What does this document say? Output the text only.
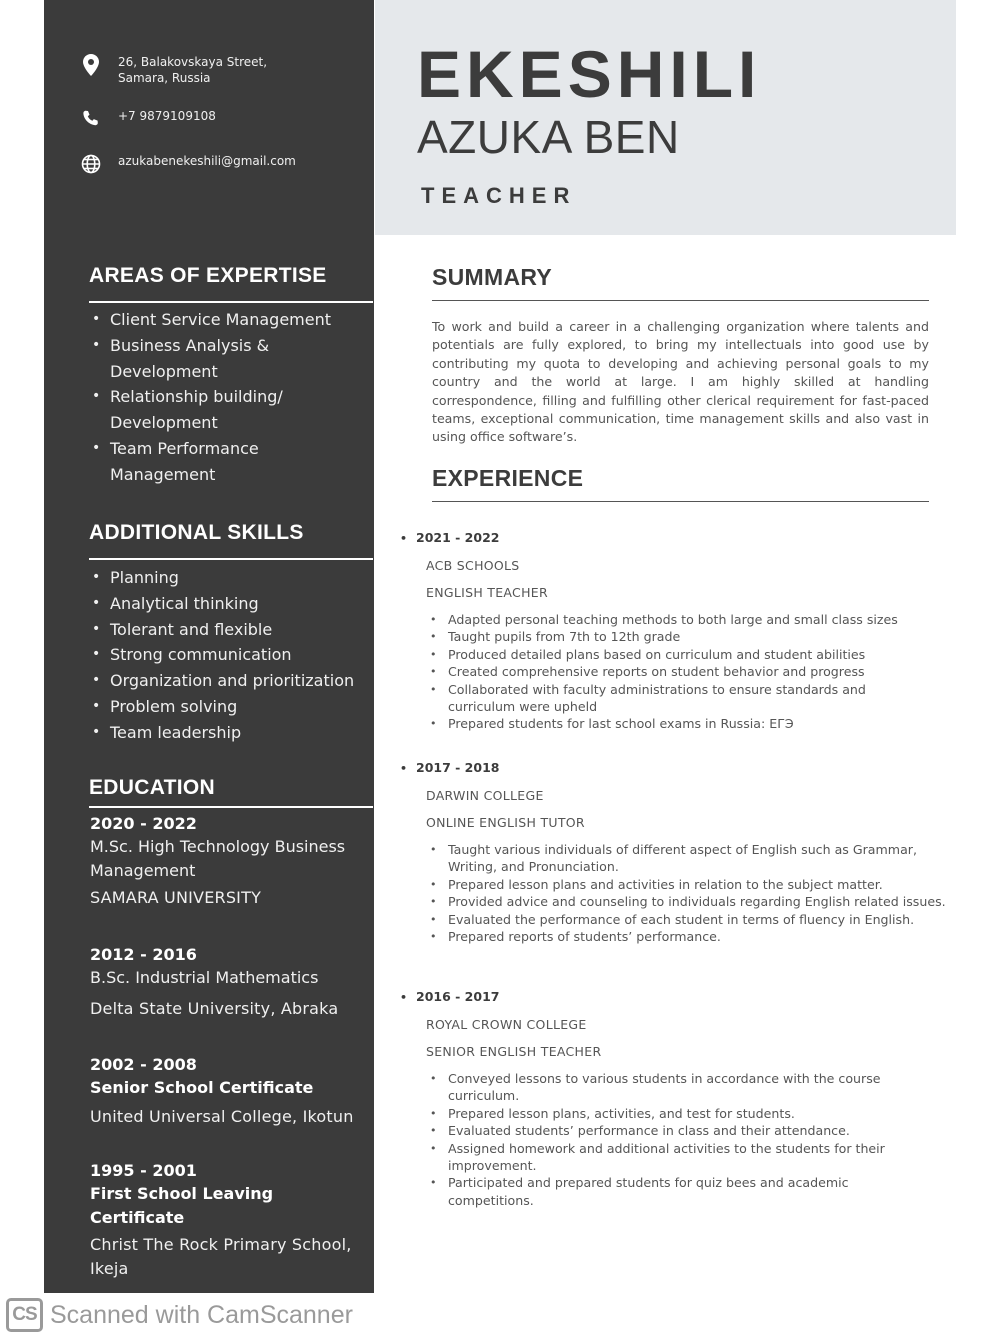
26, Balakovskaya Street,
Samara, Russia
+7 9879109108
azukabenekeshili@gmail.com
AREAS OF EXPERTISE
• Client Service Management
• Business Analysis & Development
• Relationship building/ Development
• Team Performance Management
ADDITIONAL SKILLS
• Planning
• Analytical thinking
• Tolerant and flexible
• Strong communication
• Organization and prioritization
• Problem solving
• Team leadership
EDUCATION
2020 - 2022
M.Sc. High Technology Business Management
SAMARA UNIVERSITY
2012 - 2016
B.Sc. Industrial Mathematics
Delta State University, Abraka
2002 - 2008
Senior School Certificate
United Universal College, Ikotun
1995 - 2001
First School Leaving Certificate
Christ The Rock Primary School, Ikeja
EKESHILI
AZUKA BEN
TEACHER
SUMMARY
To work and build a career in a challenging organization where talents and potentials are fully explored, to bring my intellectuals into good use by contributing my quota to developing and achieving personal goals to my country and the world at large. I am highly skilled at handling correspondence, filling and fulfilling other clerical requirement for fast-paced teams, exceptional communication, time management skills and also vast in using office software’s.
EXPERIENCE
• 2021 - 2022
ACB SCHOOLS
ENGLISH TEACHER
• Adapted personal teaching methods to both large and small class sizes
• Taught pupils from 7th to 12th grade
• Produced detailed plans based on curriculum and student abilities
• Created comprehensive reports on student behavior and progress
• Collaborated with faculty administrations to ensure standards and curriculum were upheld
• Prepared students for last school exams in Russia: ЕГЭ
• 2017 - 2018
DARWIN COLLEGE
ONLINE ENGLISH TUTOR
• Taught various individuals of different aspect of English such as Grammar, Writing, and Pronunciation.
• Prepared lesson plans and activities in relation to the subject matter.
• Provided advice and counseling to individuals regarding English related issues.
• Evaluated the performance of each student in terms of fluency in English.
• Prepared reports of students’ performance.
• 2016 - 2017
ROYAL CROWN COLLEGE
SENIOR ENGLISH TEACHER
• Conveyed lessons to various students in accordance with the course curriculum.
• Prepared lesson plans, activities, and test for students.
• Evaluated students’ performance in class and their attendance.
• Assigned homework and additional activities to the students for their improvement.
• Participated and prepared students for quiz bees and academic competitions.
CS Scanned with CamScanner
